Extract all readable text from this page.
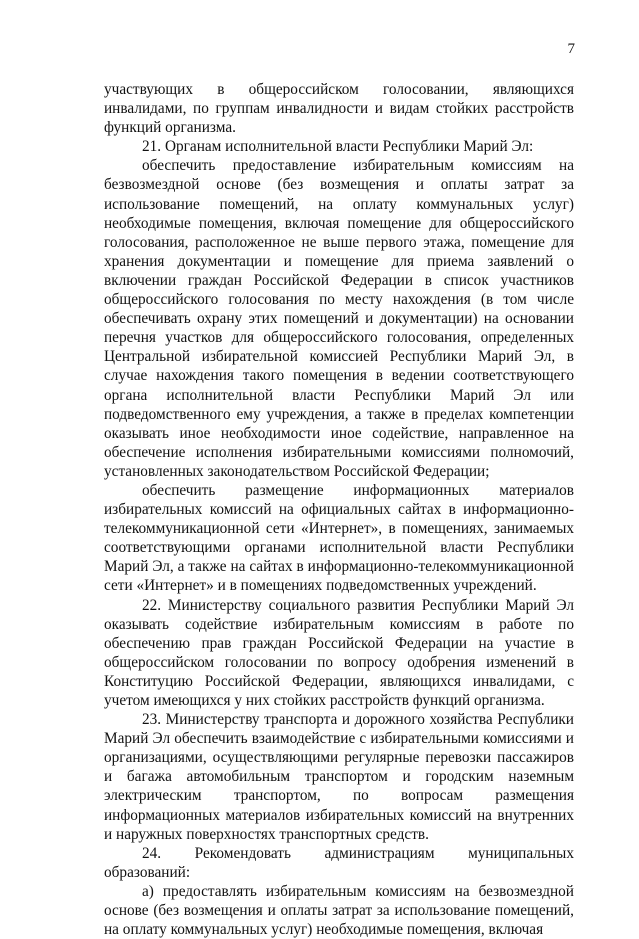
7

участвующих в общероссийском голосовании, являющихся инвалидами, по группам инвалидности и видам стойких расстройств функций организма.

21. Органам исполнительной власти Республики Марий Эл:

обеспечить предоставление избирательным комиссиям на безвозмездной основе (без возмещения и оплаты затрат за использование помещений, на оплату коммунальных услуг) необходимые помещения, включая помещение для общероссийского голосования, расположенное не выше первого этажа, помещение для хранения документации и помещение для приема заявлений о включении граждан Российской Федерации в список участников общероссийского голосования по месту нахождения (в том числе обеспечивать охрану этих помещений и документации) на основании перечня участков для общероссийского голосования, определенных Центральной избирательной комиссией Республики Марий Эл, в случае нахождения такого помещения в ведении соответствующего органа исполнительной власти Республики Марий Эл или подведомственного ему учреждения, а также в пределах компетенции оказывать иное необходимости иное содействие, направленное на обеспечение исполнения избирательными комиссиями полномочий, установленных законодательством Российской Федерации;

обеспечить размещение информационных материалов избирательных комиссий на официальных сайтах в информационно-телекоммуникационной сети «Интернет», в помещениях, занимаемых соответствующими органами исполнительной власти Республики Марий Эл, а также на сайтах в информационно-телекоммуникационной сети «Интернет» и в помещениях подведомственных учреждений.

22. Министерству социального развития Республики Марий Эл оказывать содействие избирательным комиссиям в работе по обеспечению прав граждан Российской Федерации на участие в общероссийском голосовании по вопросу одобрения изменений в Конституцию Российской Федерации, являющихся инвалидами, с учетом имеющихся у них стойких расстройств функций организма.

23. Министерству транспорта и дорожного хозяйства Республики Марий Эл обеспечить взаимодействие с избирательными комиссиями и организациями, осуществляющими регулярные перевозки пассажиров и багажа автомобильным транспортом и городским наземным электрическим транспортом, по вопросам размещения информационных материалов избирательных комиссий на внутренних и наружных поверхностях транспортных средств.

24. Рекомендовать администрациям муниципальных образований:

а) предоставлять избирательным комиссиям на безвозмездной основе (без возмещения и оплаты затрат за использование помещений, на оплату коммунальных услуг) необходимые помещения, включая
